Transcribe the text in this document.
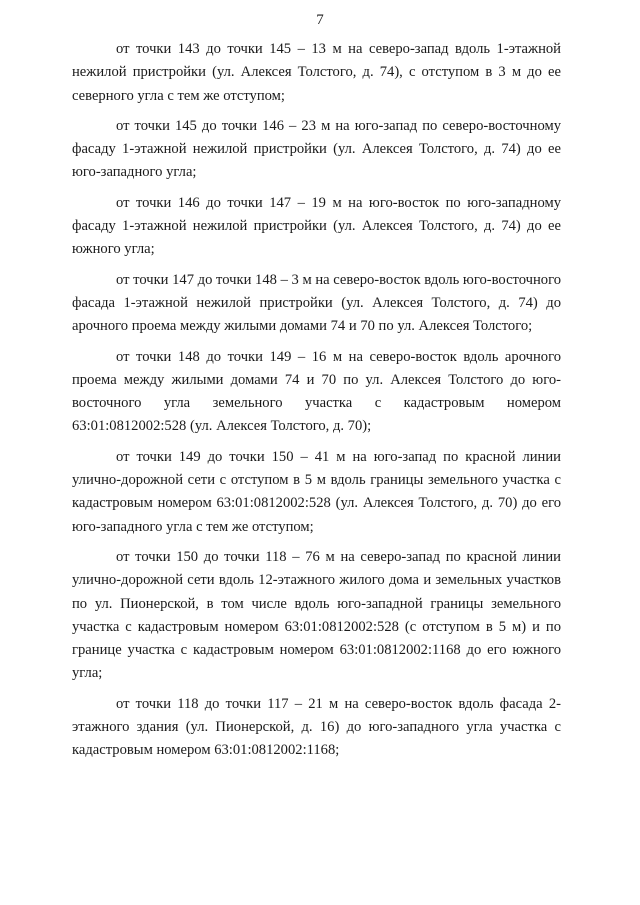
7

от точки 143 до точки 145 – 13 м на северо-запад вдоль 1-этажной нежилой пристройки (ул. Алексея Толстого, д. 74), с отступом в 3 м до ее северного угла с тем же отступом;

от точки 145 до точки 146 – 23 м на юго-запад по северо-восточному фасаду 1-этажной нежилой пристройки (ул. Алексея Толстого, д. 74) до ее юго-западного угла;

от точки 146 до точки 147 – 19 м на юго-восток по юго-западному фасаду 1-этажной нежилой пристройки (ул. Алексея Толстого, д. 74) до ее южного угла;

от точки 147 до точки 148 – 3 м на северо-восток вдоль юго-восточного фасада 1-этажной нежилой пристройки (ул. Алексея Толстого, д. 74) до арочного проема между жилыми домами 74 и 70 по ул. Алексея Толстого;

от точки 148 до точки 149 – 16 м на северо-восток вдоль арочного проема между жилыми домами 74 и 70 по ул. Алексея Толстого до юго-восточного угла земельного участка с кадастровым номером 63:01:0812002:528 (ул. Алексея Толстого, д. 70);

от точки 149 до точки 150 – 41 м на юго-запад по красной линии улично-дорожной сети с отступом в 5 м вдоль границы земельного участка с кадастровым номером 63:01:0812002:528 (ул. Алексея Толстого, д. 70) до его юго-западного угла с тем же отступом;

от точки 150 до точки 118 – 76 м на северо-запад по красной линии улично-дорожной сети вдоль 12-этажного жилого дома и земельных участков по ул. Пионерской, в том числе вдоль юго-западной границы земельного участка с кадастровым номером 63:01:0812002:528 (с отступом в 5 м) и по границе участка с кадастровым номером 63:01:0812002:1168 до его южного угла;

от точки 118 до точки 117 – 21 м на северо-восток вдоль фасада 2-этажного здания (ул. Пионерской, д. 16) до юго-западного угла участка с кадастровым номером 63:01:0812002:1168;
